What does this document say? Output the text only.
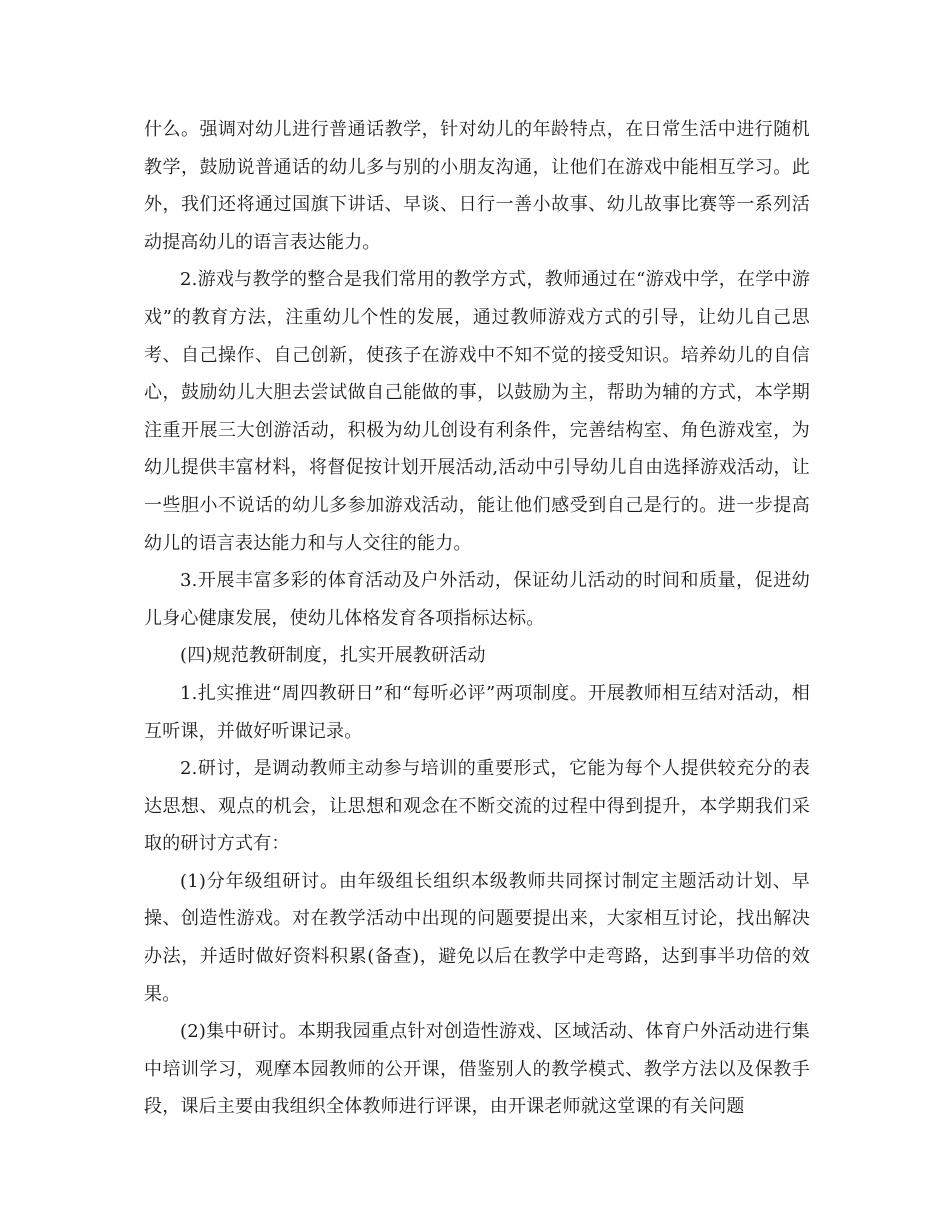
什么。强调对幼儿进行普通话教学，针对幼儿的年龄特点，在日常生活中进行随机教学，鼓励说普通话的幼儿多与别的小朋友沟通，让他们在游戏中能相互学习。此外，我们还将通过国旗下讲话、早谈、日行一善小故事、幼儿故事比赛等一系列活动提高幼儿的语言表达能力。

2.游戏与教学的整合是我们常用的教学方式，教师通过在“游戏中学，在学中游戏”的教育方法，注重幼儿个性的发展，通过教师游戏方式的引导，让幼儿自己思考、自己操作、自己创新，使孩子在游戏中不知不觉的接受知识。培养幼儿的自信心，鼓励幼儿大胆去尝试做自己能做的事，以鼓励为主，帮助为辅的方式，本学期注重开展三大创游活动，积极为幼儿创设有利条件，完善结构室、角色游戏室，为幼儿提供丰富材料，将督促按计划开展活动,活动中引导幼儿自由选择游戏活动，让一些胆小不说话的幼儿多参加游戏活动，能让他们感受到自己是行的。进一步提高幼儿的语言表达能力和与人交往的能力。

3.开展丰富多彩的体育活动及户外活动，保证幼儿活动的时间和质量，促进幼儿身心健康发展，使幼儿体格发育各项指标达标。

(四)规范教研制度，扎实开展教研活动

1.扎实推进“周四教研日”和“每听必评”两项制度。开展教师相互结对活动，相互听课，并做好听课记录。

2.研讨，是调动教师主动参与培训的重要形式，它能为每个人提供较充分的表达思想、观点的机会，让思想和观念在不断交流的过程中得到提升，本学期我们采取的研讨方式有：

(1)分年级组研讨。由年级组长组织本级教师共同探讨制定主题活动计划、早操、创造性游戏。对在教学活动中出现的问题要提出来，大家相互讨论，找出解决办法，并适时做好资料积累(备查)，避免以后在教学中走弯路，达到事半功倍的效果。

(2)集中研讨。本期我园重点针对创造性游戏、区域活动、体育户外活动进行集中培训学习，观摩本园教师的公开课，借鉴别人的教学模式、教学方法以及保教手段，课后主要由我组织全体教师进行评课，由开课老师就这堂课的有关问题
